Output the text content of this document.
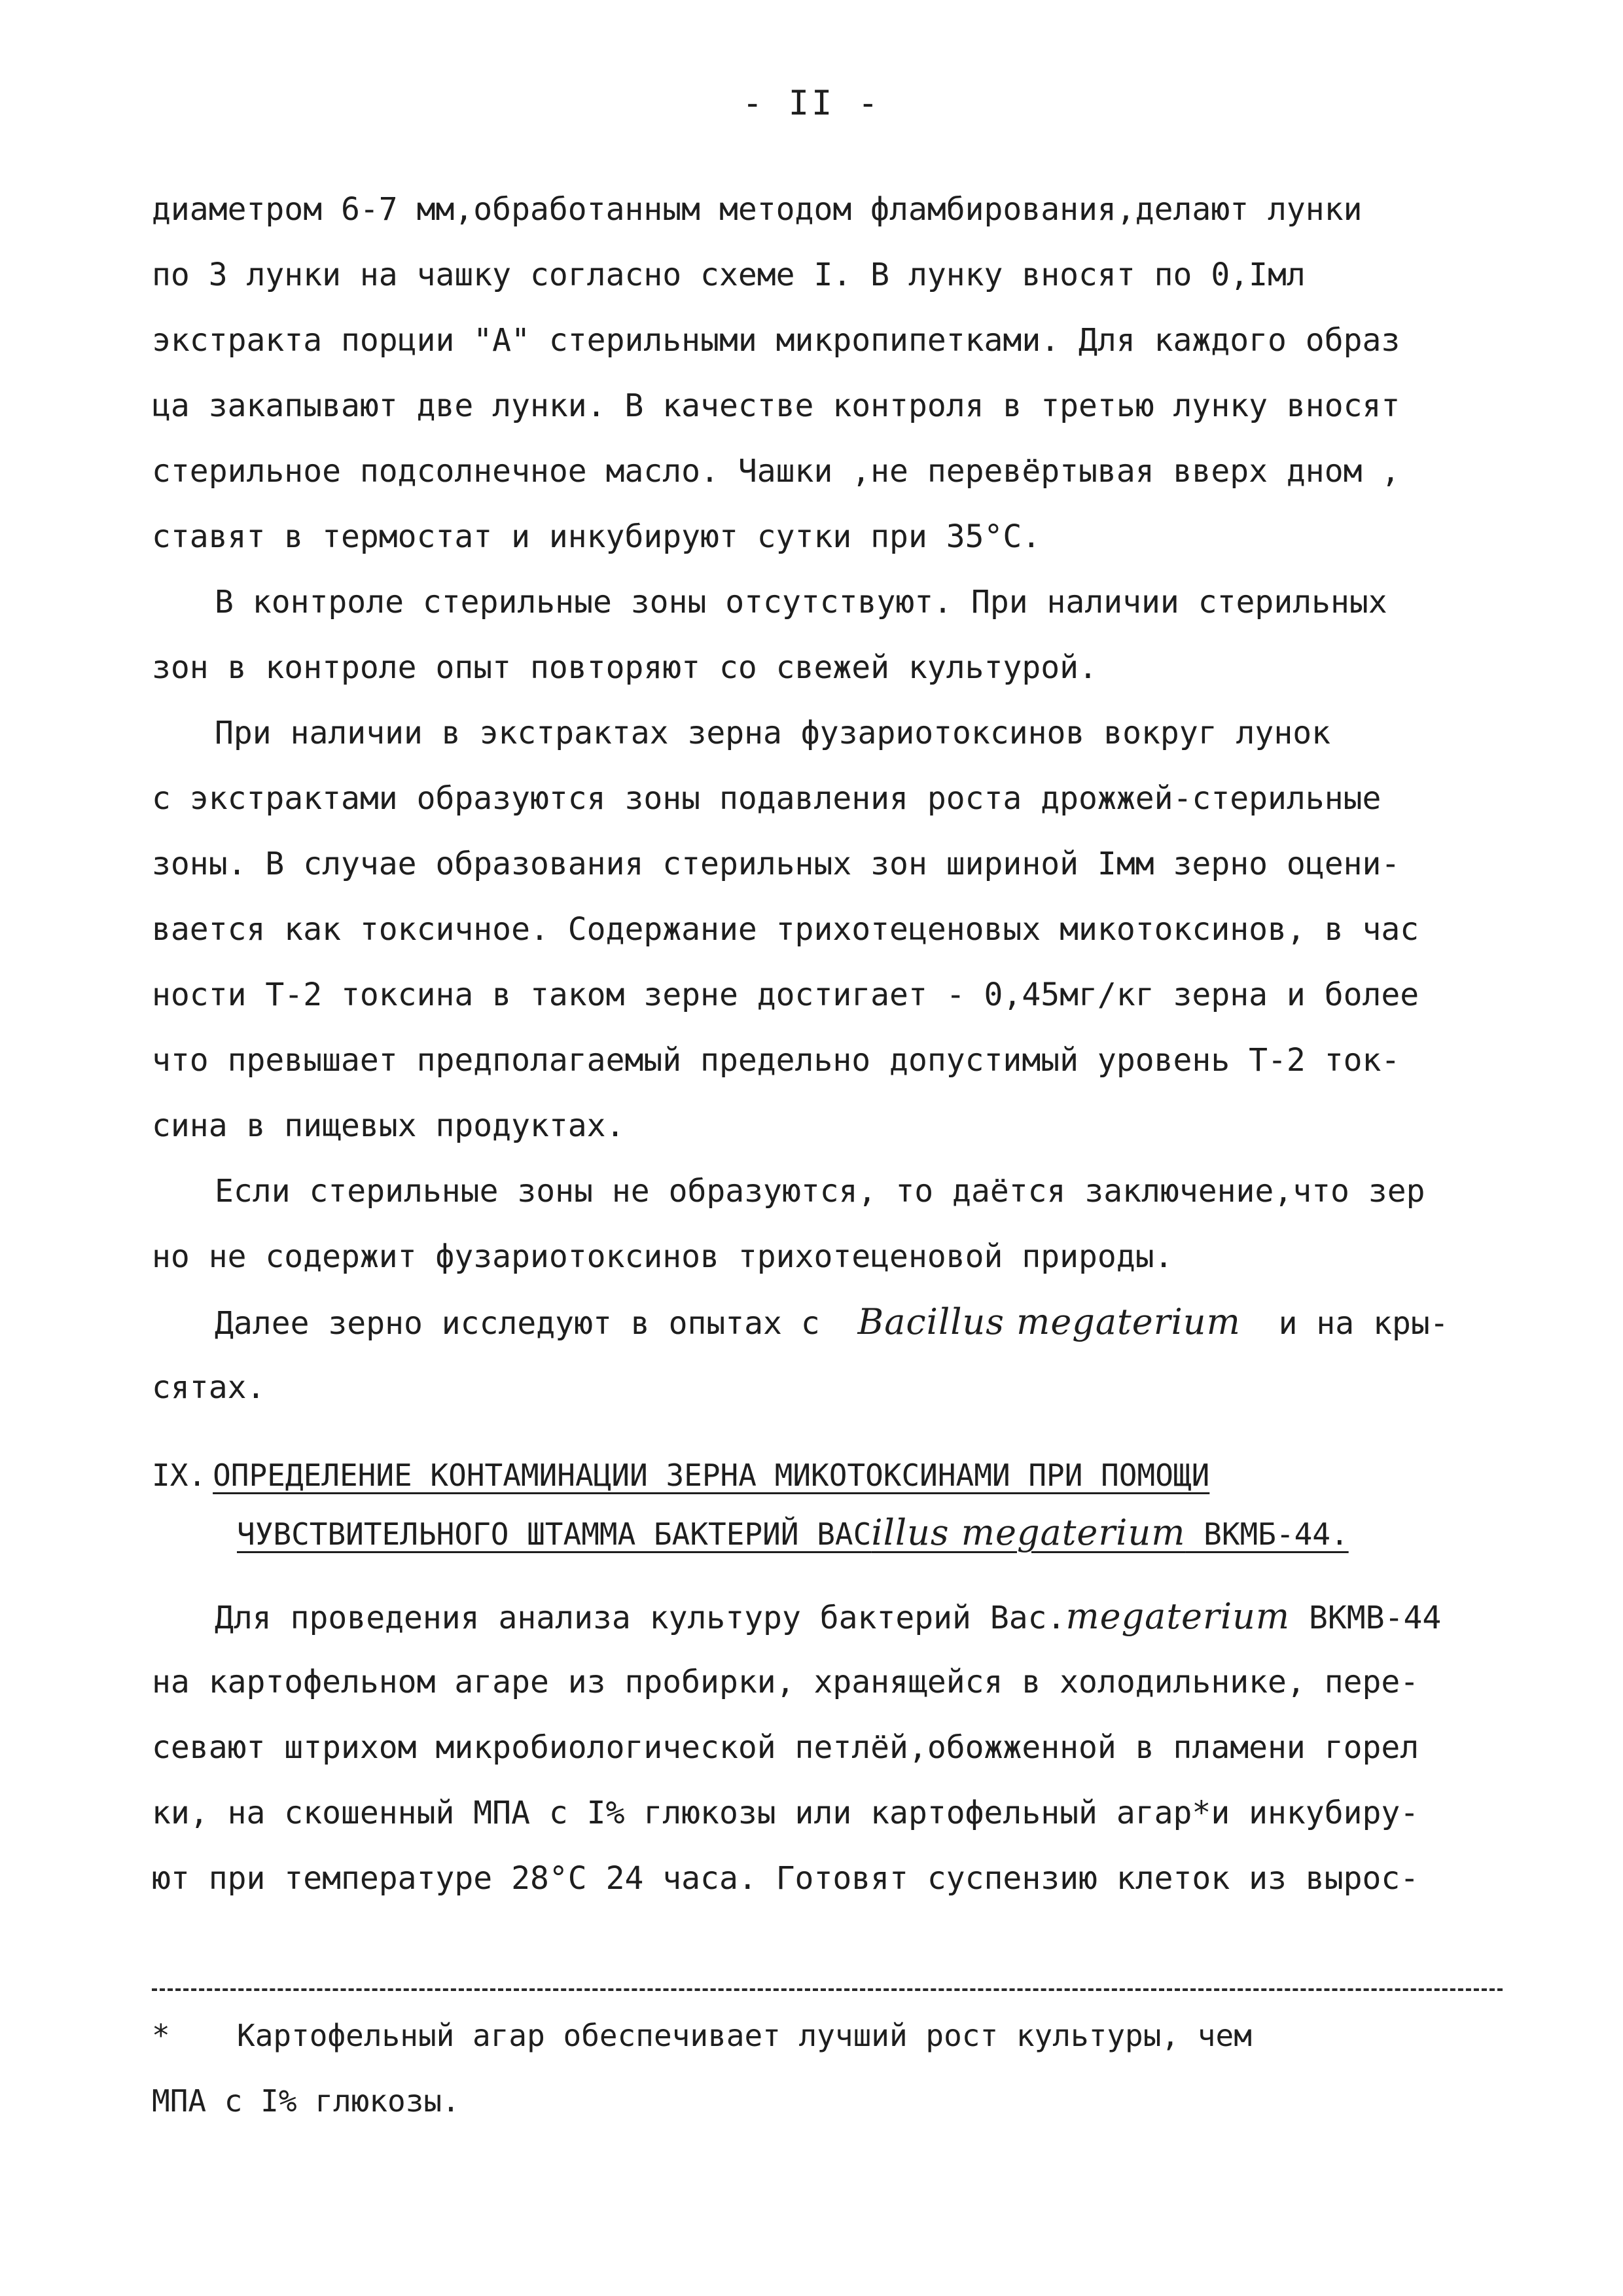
- II -
диаметром 6-7 мм,обработанным методом фламбирования,делают лунки
по 3 лунки на чашку согласно схеме I. В лунку вносят по 0,Iмл
экстракта порции "А" стерильными микропипетками. Для каждого образ
ца закапывают две лунки. В качестве контроля в третью лунку вносят
стерильное подсолнечное масло. Чашки ,не перевёртывая вверх дном ,
ставят в термостат и инкубируют сутки при 35°С.
В контроле стерильные зоны отсутствуют. При наличии стерильных
зон в контроле опыт повторяют со свежей культурой.
При наличии в экстрактах зерна фузариотоксинов вокруг лунок
с экстрактами образуются зоны подавления роста дрожжей-стерильные
зоны. В случае образования стерильных зон шириной Iмм зерно оцени-
вается как токсичное. Содержание трихотеценовых микотоксинов, в час
ности Т-2 токсина в таком зерне достигает - 0,45мг/кг зерна и более
что превышает предполагаемый предельно допустимый уровень Т-2 ток-
сина в пищевых продуктах.
Если стерильные зоны не образуются, то даётся заключение,что зер
но не содержит фузариотоксинов трихотеценовой природы.
Далее зерно исследуют в опытах с  Bacillus megaterium  и на кры-
сятах.
IX. ОПРЕДЕЛЕНИЕ КОНТАМИНАЦИИ ЗЕРНА МИКОТОКСИНАМИ ПРИ ПОМОЩИ
ЧУВСТВИТЕЛЬНОГО ШТАММА БАКТЕРИЙ BACillus megaterium ВКМБ-44.
Для проведения анализа культуру бактерий Bac.megaterium ВКМВ-44
на картофельном агаре из пробирки, хранящейся в холодильнике, пере-
севают штрихом микробиологической петлёй,обожженной в пламени горел
ки, на скошенный МПА с I% глюкозы или картофельный агар*и инкубиру-
ют при температуре 28°С 24 часа. Готовят суспензию клеток из вырос-
* Картофельный агар обеспечивает лучший рост культуры, чем
МПА с I% глюкозы.
